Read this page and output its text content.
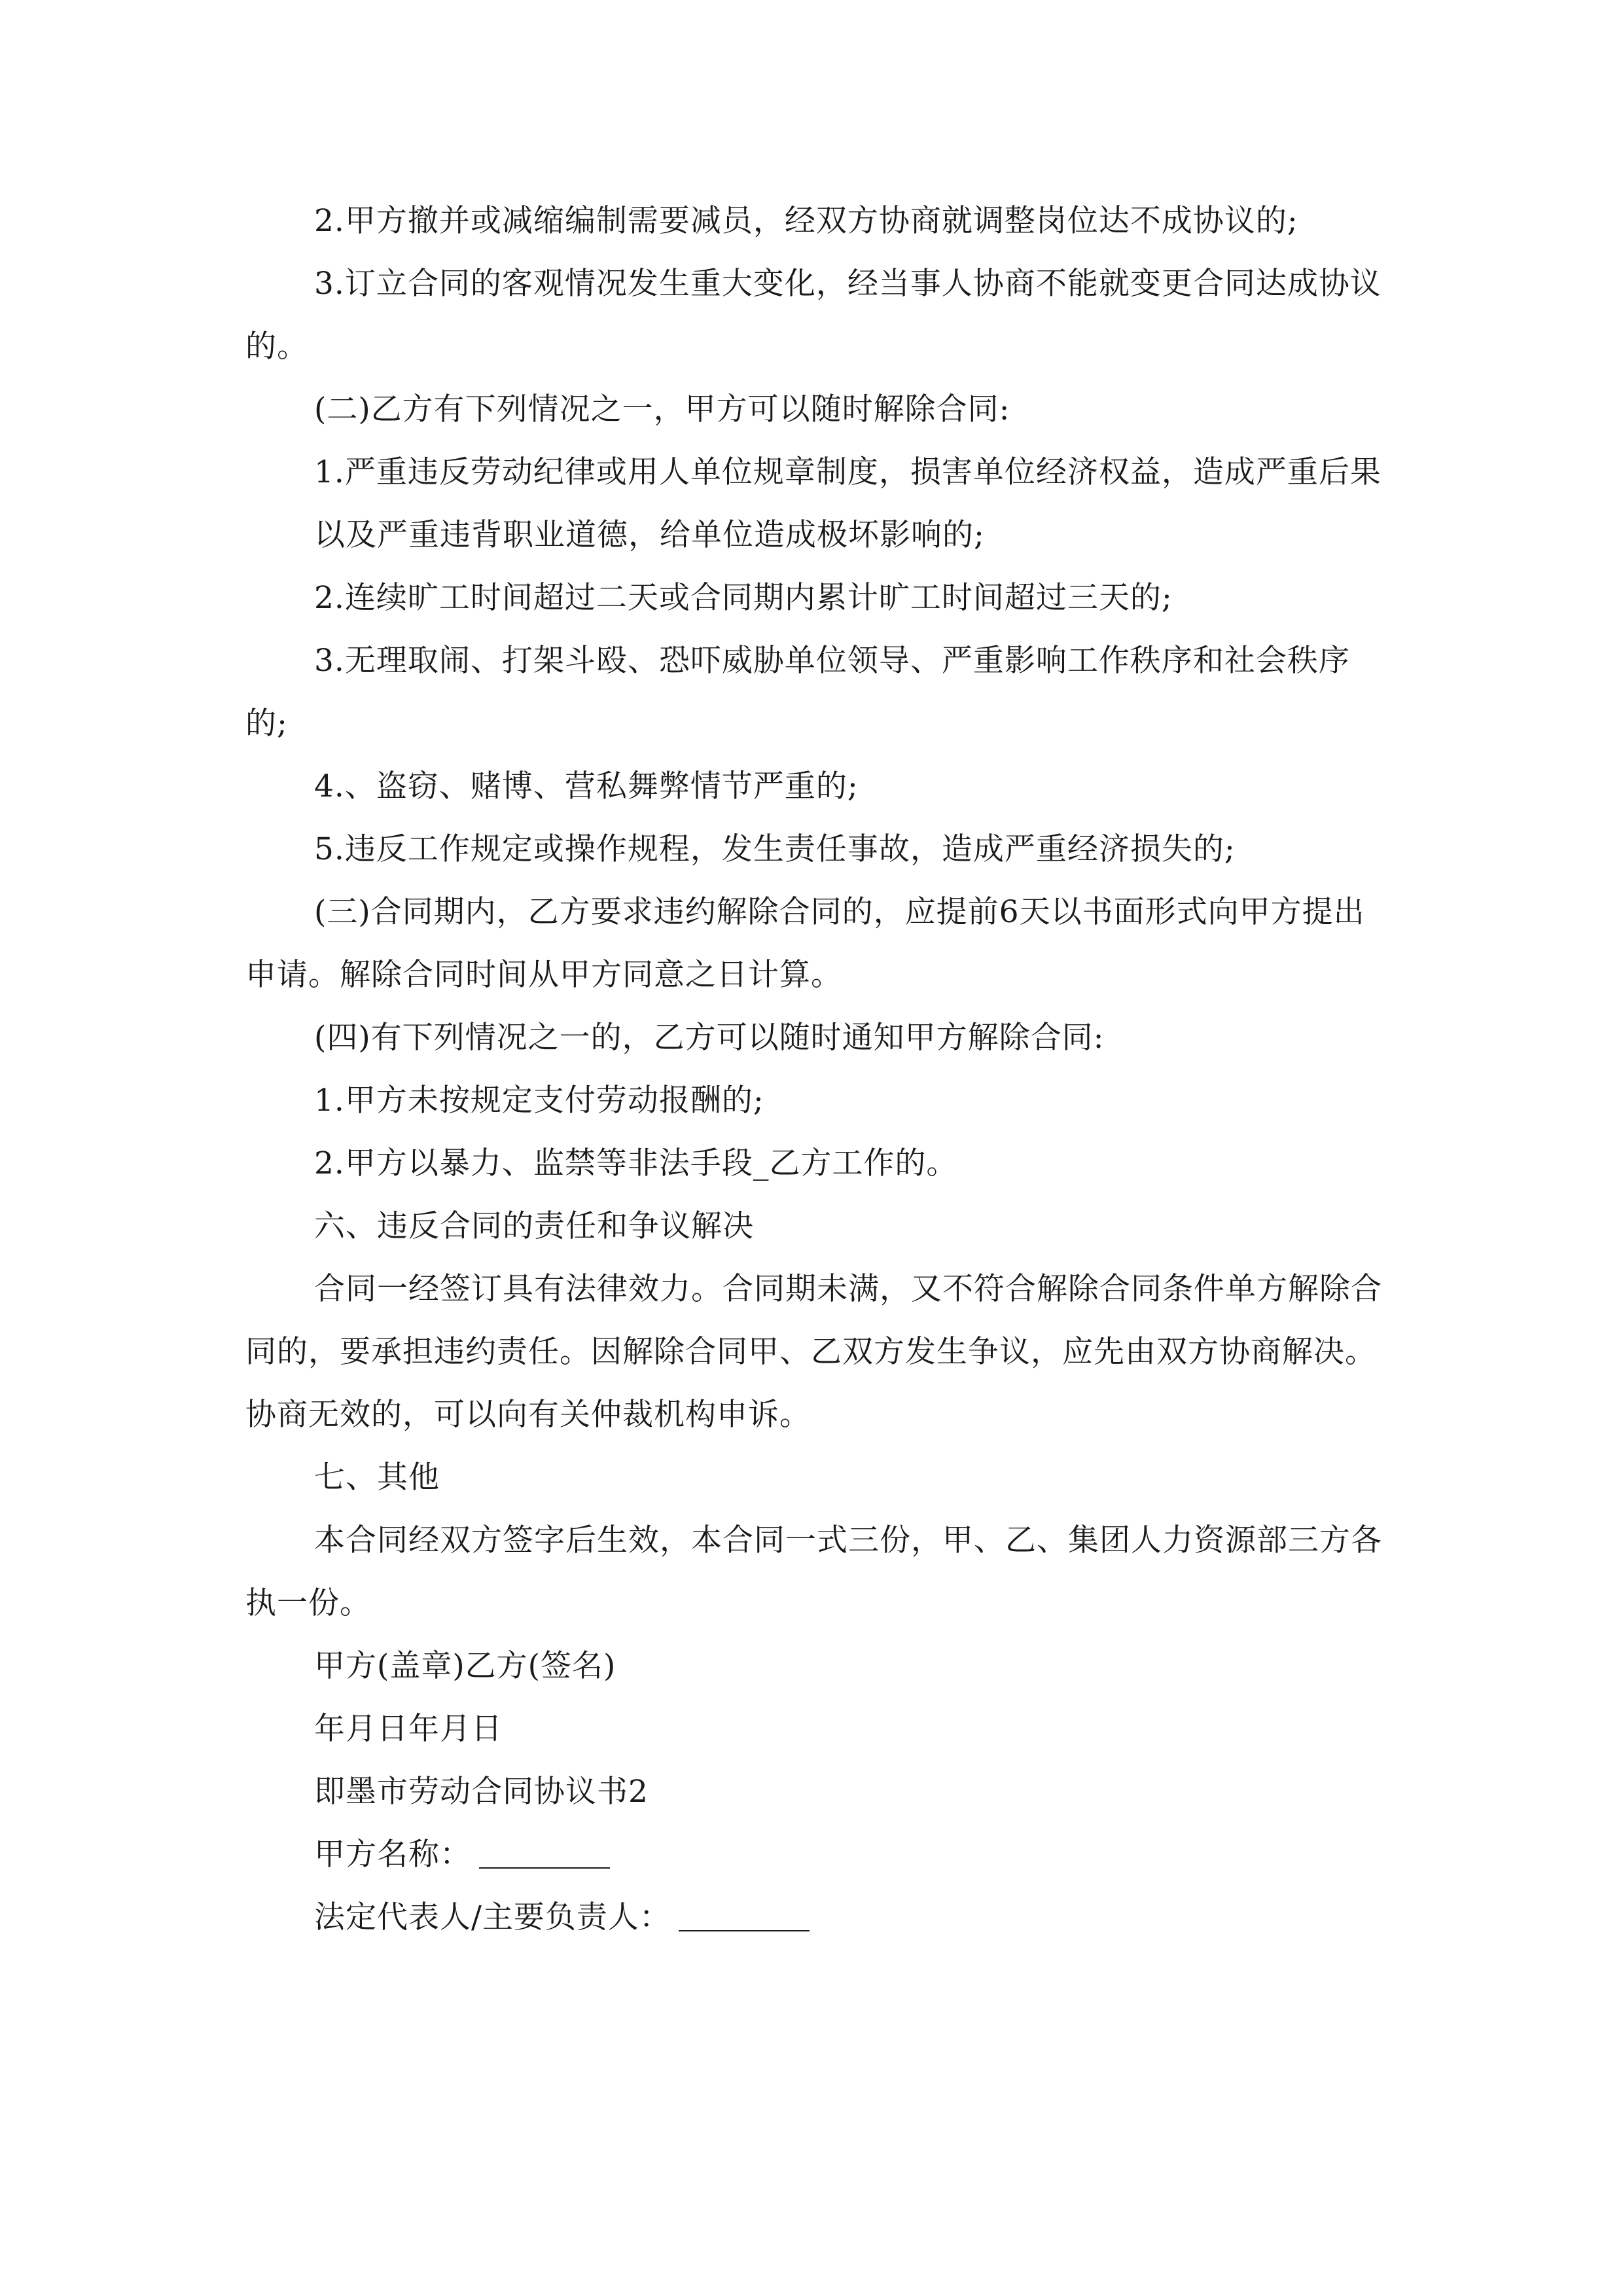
2.甲方撤并或减缩编制需要减员，经双方协商就调整岗位达不成协议的;

3.订立合同的客观情况发生重大变化，经当事人协商不能就变更合同达成协议的。

(二)乙方有下列情况之一，甲方可以随时解除合同:

1.严重违反劳动纪律或用人单位规章制度，损害单位经济权益，造成严重后果

以及严重违背职业道德，给单位造成极坏影响的;

2.连续旷工时间超过二天或合同期内累计旷工时间超过三天的;

3.无理取闹、打架斗殴、恐吓威胁单位领导、严重影响工作秩序和社会秩序的;

4.、盗窃、赌博、营私舞弊情节严重的;

5.违反工作规定或操作规程，发生责任事故，造成严重经济损失的;

(三)合同期内，乙方要求违约解除合同的，应提前6天以书面形式向甲方提出申请。解除合同时间从甲方同意之日计算。

(四)有下列情况之一的，乙方可以随时通知甲方解除合同:

1.甲方未按规定支付劳动报酬的;

2.甲方以暴力、监禁等非法手段_乙方工作的。

六、违反合同的责任和争议解决

合同一经签订具有法律效力。合同期未满，又不符合解除合同条件单方解除合同的，要承担违约责任。因解除合同甲、乙双方发生争议，应先由双方协商解决。协商无效的，可以向有关仲裁机构申诉。

七、其他

本合同经双方签字后生效，本合同一式三份，甲、乙、集团人力资源部三方各执一份。

甲方(盖章)乙方(签名)

年月日年月日

即墨市劳动合同协议书2

甲方名称：

法定代表人/主要负责人：
